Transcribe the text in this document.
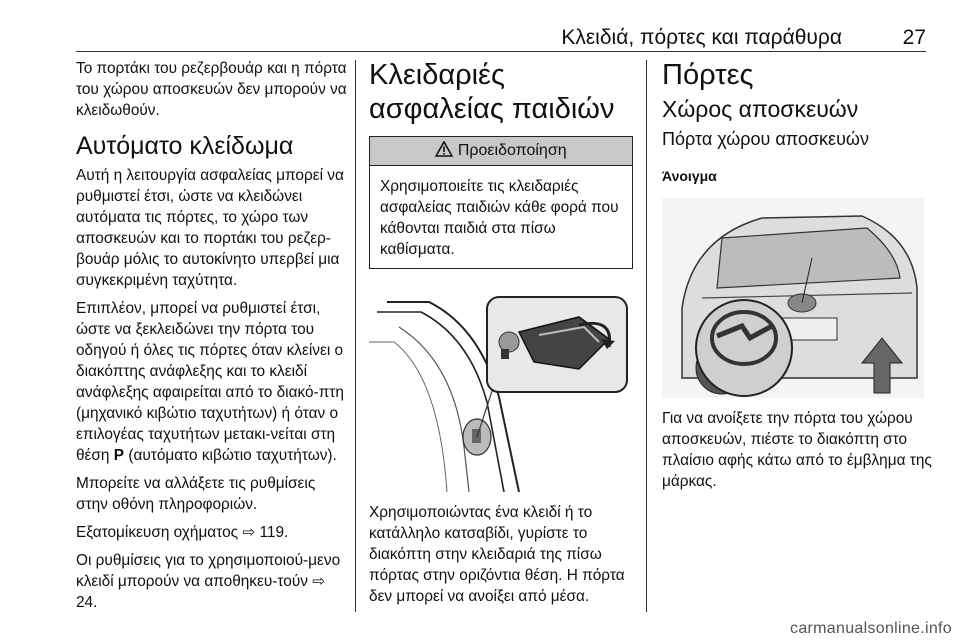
Κλειδιά, πόρτες και παράθυρα	27

Το πορτάκι του ρεζερβουάρ και η πόρτα του χώρου αποσκευών δεν μπορούν να κλειδωθούν.

Αυτόματο κλείδωμα

Αυτή η λειτουργία ασφαλείας μπορεί να ρυθμιστεί έτσι, ώστε να κλειδώνει αυτόματα τις πόρτες, το χώρο των αποσκευών και το πορτάκι του ρεζερ-βουάρ μόλις το αυτοκίνητο υπερβεί μια συγκεκριμένη ταχύτητα.

Επιπλέον, μπορεί να ρυθμιστεί έτσι, ώστε να ξεκλειδώνει την πόρτα του οδηγού ή όλες τις πόρτες όταν κλείνει ο διακόπτης ανάφλεξης και το κλειδί ανάφλεξης αφαιρείται από το διακό-πτη (μηχανικό κιβώτιο ταχυτήτων) ή όταν ο επιλογέας ταχυτήτων μετακι-νείται στη θέση P (αυτόματο κιβώτιο ταχυτήτων).

Μπορείτε να αλλάξετε τις ρυθμίσεις στην οθόνη πληροφοριών.

Εξατομίκευση οχήματος ⇨ 119.

Οι ρυθμίσεις για το χρησιμοποιού-μενο κλειδί μπορούν να αποθηκευ-τούν ⇨ 24.

Κλειδαριές ασφαλείας παιδιών
Προειδοποίηση

Χρησιμοποιείτε τις κλειδαριές ασφαλείας παιδιών κάθε φορά που κάθονται παιδιά στα πίσω καθίσματα.

Χρησιμοποιώντας ένα κλειδί ή το κατάλληλο κατσαβίδι, γυρίστε το διακόπτη στην κλειδαριά της πίσω πόρτας στην οριζόντια θέση. Η πόρτα δεν μπορεί να ανοίξει από μέσα.

Πόρτες
Χώρος αποσκευών
Πόρτα χώρου αποσκευών
Άνοιγμα

Για να ανοίξετε την πόρτα του χώρου αποσκευών, πιέστε το διακόπτη στο πλαίσιο αφής κάτω από το έμβλημα της μάρκας.

carmanualsonline.info
